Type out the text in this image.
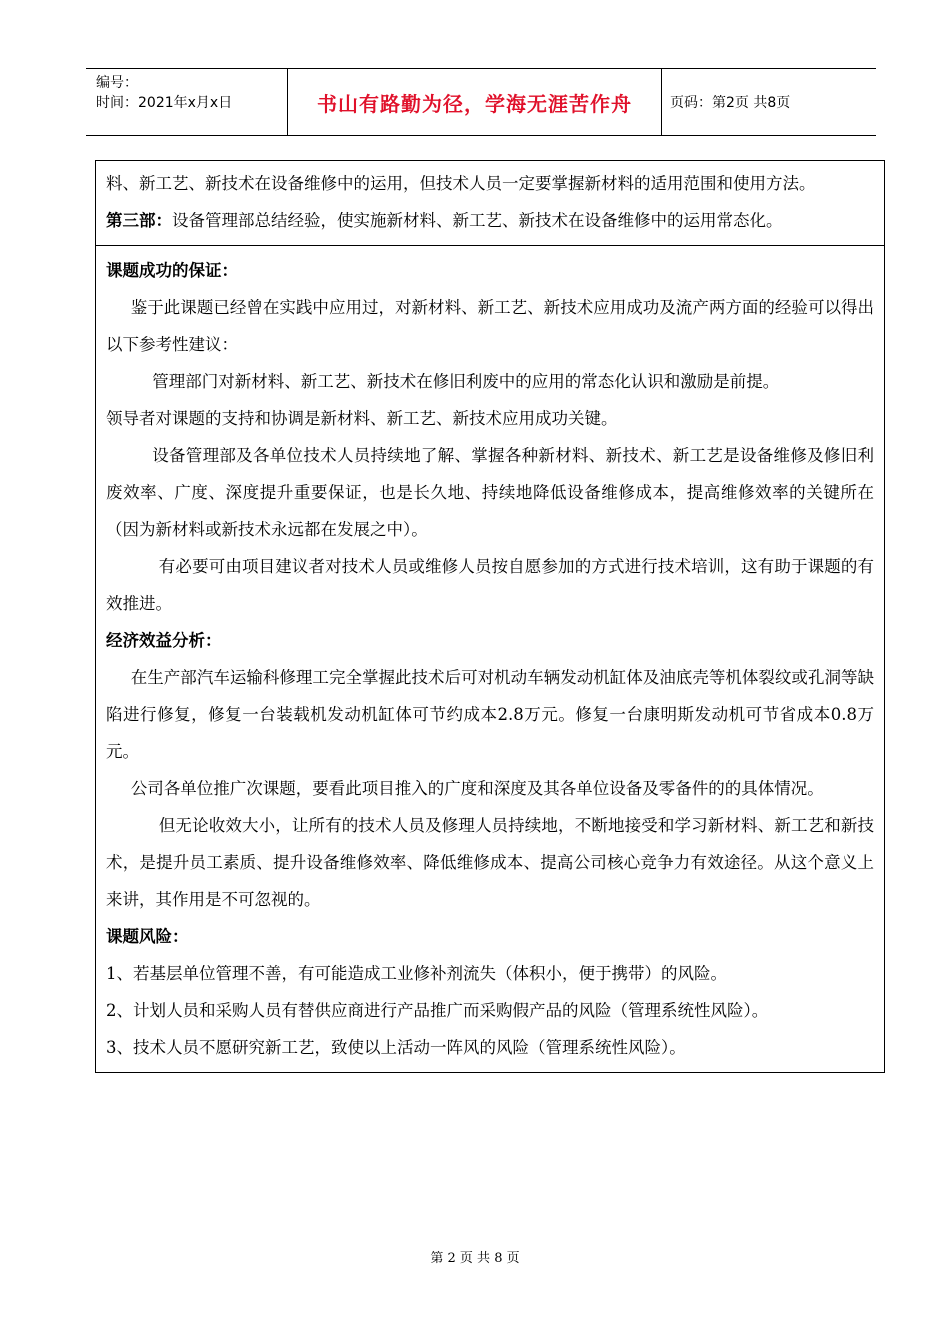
编号：
时间：2021年x月x日	书山有路勤为径，学海无涯苦作舟	页码：第2页 共8页

料、新工艺、新技术在设备维修中的运用，但技术人员一定要掌握新材料的适用范围和使用方法。

第三部：设备管理部总结经验，使实施新材料、新工艺、新技术在设备维修中的运用常态化。

课题成功的保证：

鉴于此课题已经曾在实践中应用过，对新材料、新工艺、新技术应用成功及流产两方面的经验可以得出以下参考性建议：

管理部门对新材料、新工艺、新技术在修旧利废中的应用的常态化认识和激励是前提。

领导者对课题的支持和协调是新材料、新工艺、新技术应用成功关键。

设备管理部及各单位技术人员持续地了解、掌握各种新材料、新技术、新工艺是设备维修及修旧利废效率、广度、深度提升重要保证，也是长久地、持续地降低设备维修成本，提高维修效率的关键所在（因为新材料或新技术永远都在发展之中）。

有必要可由项目建议者对技术人员或维修人员按自愿参加的方式进行技术培训，这有助于课题的有效推进。

经济效益分析：

在生产部汽车运输科修理工完全掌握此技术后可对机动车辆发动机缸体及油底壳等机体裂纹或孔洞等缺陷进行修复，修复一台装载机发动机缸体可节约成本2.8万元。修复一台康明斯发动机可节省成本0.8万元。

公司各单位推广次课题，要看此项目推入的广度和深度及其各单位设备及零备件的的具体情况。

但无论收效大小，让所有的技术人员及修理人员持续地，不断地接受和学习新材料、新工艺和新技术，是提升员工素质、提升设备维修效率、降低维修成本、提高公司核心竞争力有效途径。从这个意义上来讲，其作用是不可忽视的。

课题风险：

1、若基层单位管理不善，有可能造成工业修补剂流失（体积小，便于携带）的风险。

2、计划人员和采购人员有替供应商进行产品推广而采购假产品的风险（管理系统性风险）。

3、技术人员不愿研究新工艺，致使以上活动一阵风的风险（管理系统性风险）。

第 2 页 共 8 页
